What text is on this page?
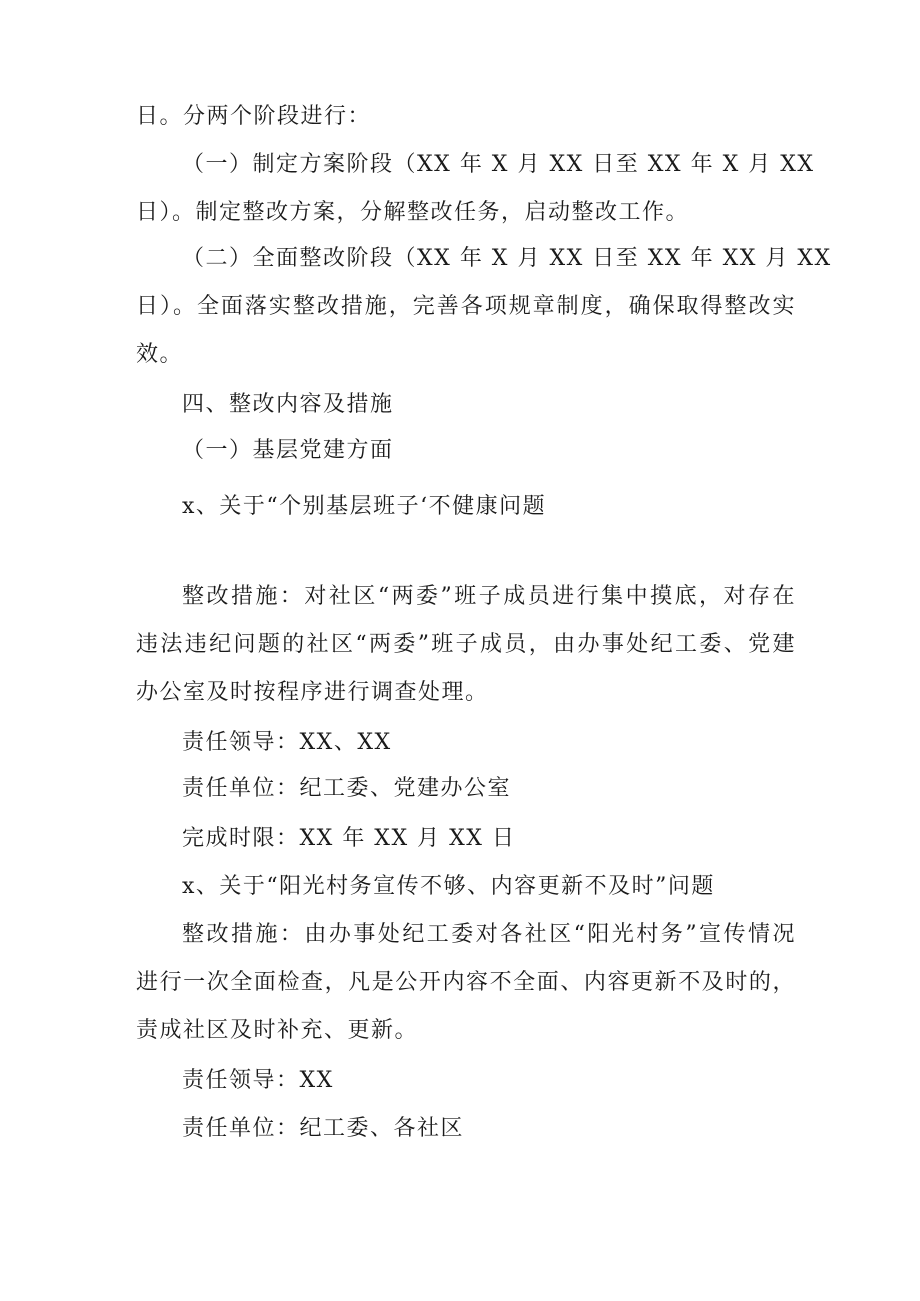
日。分两个阶段进行：
（一）制定方案阶段（XX 年 X 月 XX 日至 XX 年 X 月 XX
日）。制定整改方案，分解整改任务，启动整改工作。
（二）全面整改阶段（XX 年 X 月 XX 日至 XX 年 XX 月 XX
日）。全面落实整改措施，完善各项规章制度，确保取得整改实
效。
四、整改内容及措施
（一）基层党建方面
x、关于“个别基层班子‘不健康问题
整改措施：对社区“两委”班子成员进行集中摸底，对存在
违法违纪问题的社区“两委”班子成员，由办事处纪工委、党建
办公室及时按程序进行调查处理。
责任领导：XX、XX
责任单位：纪工委、党建办公室
完成时限：XX 年 XX 月 XX 日
x、关于“阳光村务宣传不够、内容更新不及时”问题
整改措施：由办事处纪工委对各社区“阳光村务”宣传情况
进行一次全面检查，凡是公开内容不全面、内容更新不及时的，
责成社区及时补充、更新。
责任领导：XX
责任单位：纪工委、各社区
